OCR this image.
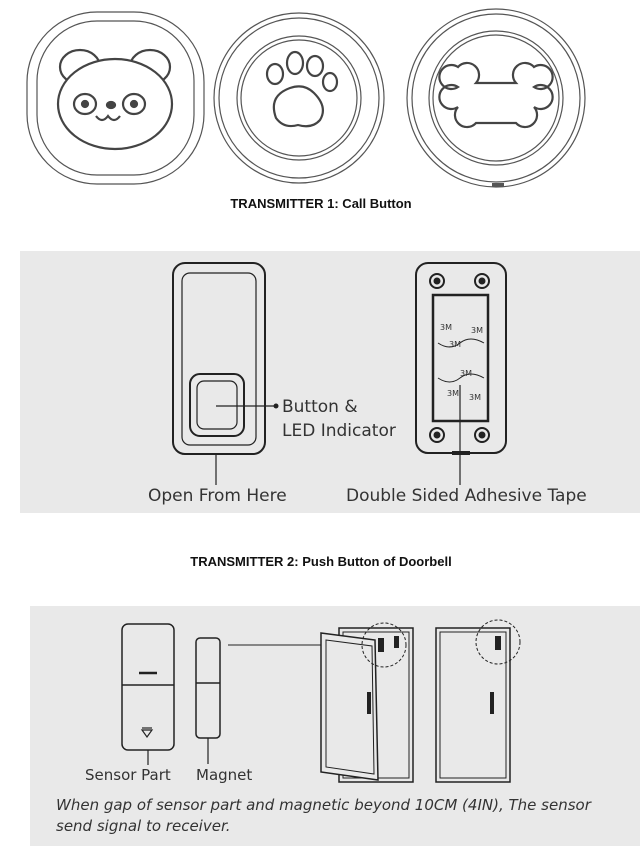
TRANSMITTER 1: Call Button
Button &
LED Indicator
Open From Here
3M 3M
3M
3M
3M 3M
Double Sided Adhesive Tape
TRANSMITTER 2: Push Button of Doorbell
Sensor Part Magnet
When gap of sensor part and magnetic beyond 10CM (4IN), The sensor send signal to receiver.
